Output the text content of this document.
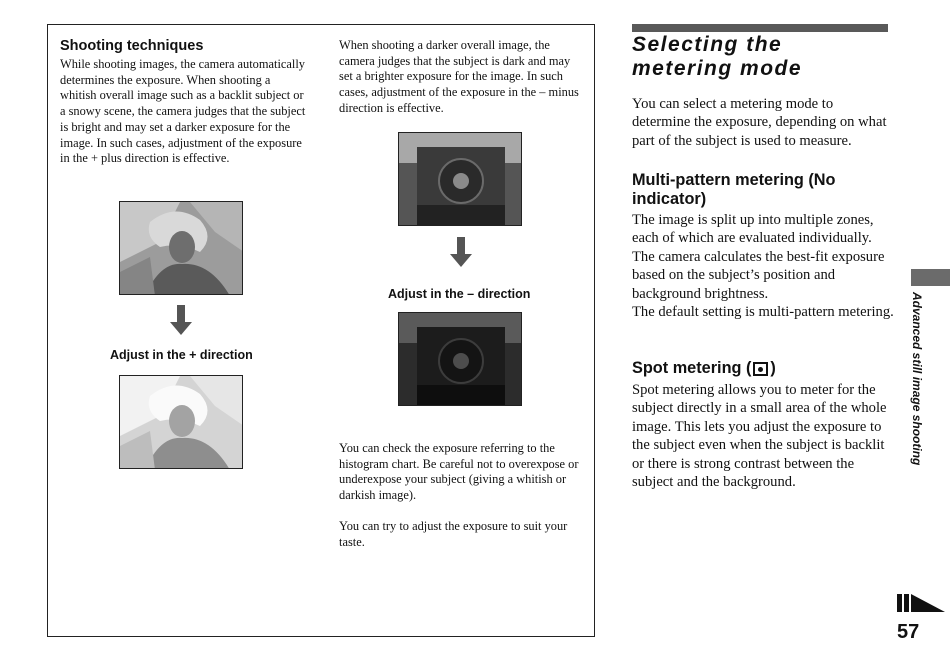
Shooting techniques
While shooting images, the camera automatically determines the exposure. When shooting a whitish overall image such as a backlit subject or a snowy scene, the camera judges that the subject is bright and may set a darker exposure for the image. In such cases, adjustment of the exposure in the + plus direction is effective.
Adjust in the + direction
When shooting a darker overall image, the camera judges that the subject is dark and may set a brighter exposure for the image. In such cases, adjustment of the exposure in the – minus direction is effective.
Adjust in the – direction
You can check the exposure referring to the histogram chart. Be careful not to overexpose or underexpose your subject (giving a whitish or darkish image).
You can try to adjust the exposure to suit your taste.
Selecting the
metering mode
You can select a metering mode to determine the exposure, depending on what part of the subject is used to measure.
Multi-pattern metering (No indicator)
The image is split up into multiple zones, each of which are evaluated individually. The camera calculates the best-fit exposure based on the subject’s position and background brightness.
The default setting is multi-pattern metering.
Spot metering ( )
Spot metering allows you to meter for the subject directly in a small area of the whole image. This lets you adjust the exposure to the subject even when the subject is backlit or there is strong contrast between the subject and the background.
Advanced still image shooting
57
